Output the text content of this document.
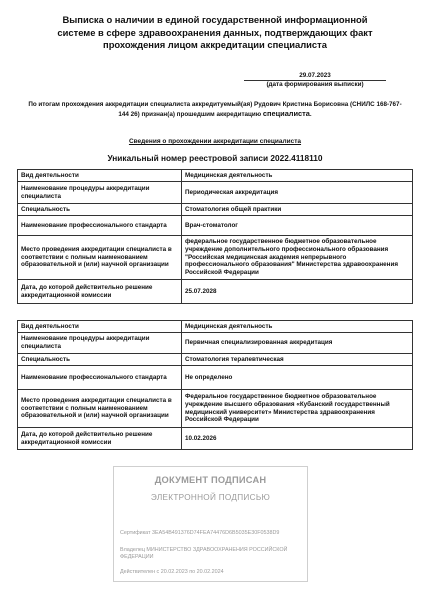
Выписка о наличии в единой государственной информационной
системе в сфере здравоохранения данных, подтверждающих факт
прохождения лицом аккредитации специалиста
29.07.2023
(дата формирования выписки)
По итогам прохождения аккредитации специалиста аккредитуемый(ая) Рудович Кристина Борисовна (СНИЛС 168-767-
144 26) признан(а) прошедшим аккредитацию специалиста.
Сведения о прохождении аккредитации специалиста
Уникальный номер реестровой записи 2022.4118110
Вид деятельности	Медицинская деятельность
Наименование процедуры аккредитации специалиста	Периодическая аккредитация
Специальность	Стоматология общей практики
Наименование профессионального стандарта	Врач-стоматолог
Место проведения аккредитации специалиста в соответствии с полным наименованием образовательной и (или) научной организации	федеральное государственное бюджетное образовательное учреждение дополнительного профессионального образования "Российская медицинская академия непрерывного профессионального образования" Министерства здравоохранения Российской Федерации
Дата, до которой действительно решение аккредитационной комиссии	25.07.2028
Вид деятельности	Медицинская деятельность
Наименование процедуры аккредитации специалиста	Первичная специализированная аккредитация
Специальность	Стоматология терапевтическая
Наименование профессионального стандарта	Не определено
Место проведения аккредитации специалиста в соответствии с полным наименованием образовательной и (или) научной организации	Федеральное государственное бюджетное образовательное учреждение высшего образования «Кубанский государственный медицинский университет» Министерства здравоохранения Российской Федерации
Дата, до которой действительно решение аккредитационной комиссии	10.02.2026
ДОКУМЕНТ ПОДПИСАН
ЭЛЕКТРОННОЙ ПОДПИСЬЮ
Сертификат 3EA54B491376D74FEA74476D6B5035E30F0538D9
Владелец МИНИСТЕРСТВО ЗДРАВООХРАНЕНИЯ РОССИЙСКОЙ
ФЕДЕРАЦИИ
Действителен с 20.02.2023 по 20.02.2024
